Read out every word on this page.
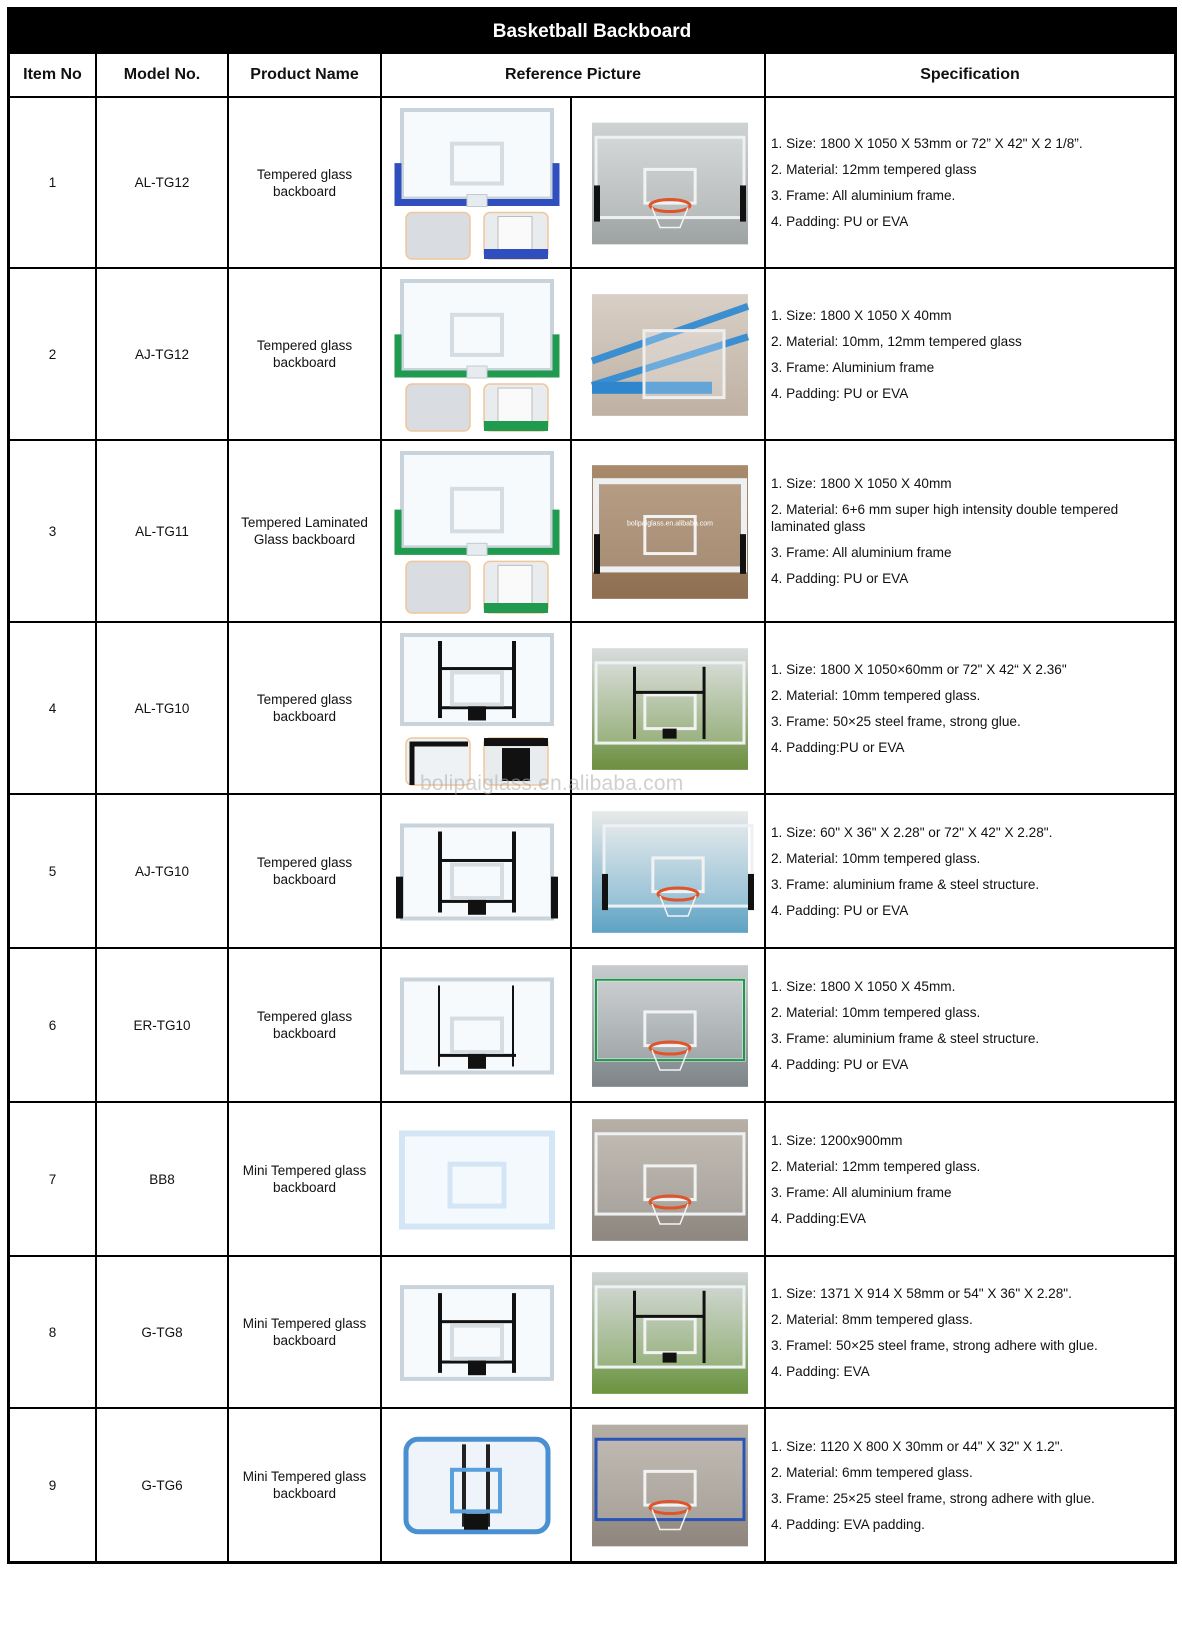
Basketball Backboard
Item No	Model No.	Product Name	Reference Picture		Specification
1	AL-TG12	Tempered glass backboard			1. Size: 1800 X 1050 X 53mm or 72” X 42" X 2 1/8”.
2. Material: 12mm tempered glass
3. Frame: All aluminium frame.
4. Padding: PU or EVA

2	AJ-TG12	Tempered glass backboard			1. Size: 1800 X 1050 X 40mm
2. Material: 10mm, 12mm tempered glass
3. Frame: Aluminium frame
4. Padding: PU or EVA

3	AL-TG11	Tempered Laminated Glass backboard		bolipaiglass.en.alibaba.com	1. Size: 1800 X 1050 X 40mm
2. Material: 6+6 mm super high intensity double tempered laminated glass
3. Frame: All aluminium frame
4. Padding: PU or EVA

4	AL-TG10	Tempered glass backboard			1. Size: 1800 X 1050×60mm or 72" X 42“ X 2.36"
2. Material: 10mm tempered glass.
3. Frame: 50×25 steel frame, strong glue.
4. Padding:PU or EVA

5	AJ-TG10	Tempered glass backboard			1. Size: 60" X 36" X 2.28" or 72" X 42" X 2.28".
2. Material: 10mm tempered glass.
3. Frame: aluminium frame & steel structure.
4. Padding: PU or EVA

6	ER-TG10	Tempered glass backboard			1. Size: 1800 X 1050 X 45mm.
2. Material: 10mm tempered glass.
3. Frame: aluminium frame & steel structure.
4. Padding: PU or EVA

7	BB8	Mini Tempered glass backboard			1. Size: 1200x900mm
2. Material: 12mm tempered glass.
3. Frame: All aluminium frame
4. Padding:EVA

8	G-TG8	Mini Tempered glass backboard			1. Size: 1371 X 914 X 58mm or 54" X 36" X 2.28".
2. Material: 8mm tempered glass.
3. Framel: 50×25 steel frame, strong adhere with glue.
4. Padding: EVA

9	G-TG6	Mini Tempered glass backboard			1. Size: 1120 X 800 X 30mm or 44" X 32" X 1.2".
2. Material: 6mm tempered glass.
3. Frame: 25×25 steel frame, strong adhere with glue.
4. Padding: EVA padding.
bolipaiglass.en.alibaba.com
